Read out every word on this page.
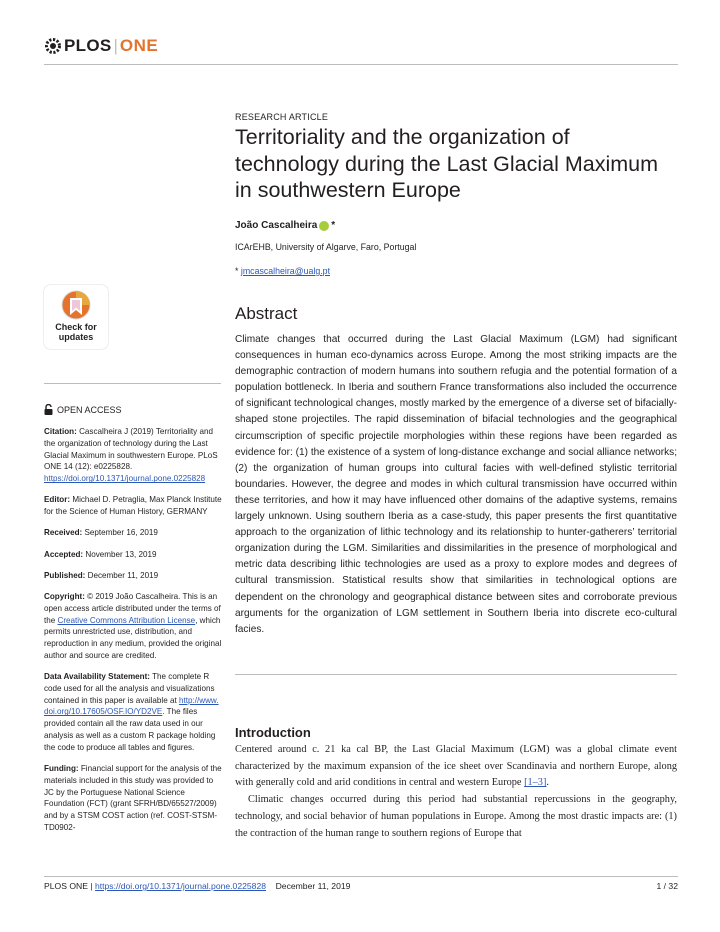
PLOS | ONE
Check for
updates
OPEN ACCESS

Citation: Cascalheira J (2019) Territoriality and the organization of technology during the Last Glacial Maximum in southwestern Europe. PLoS ONE 14 (12): e0225828. https://doi.org/10.1371/journal.pone.0225828

Editor: Michael D. Petraglia, Max Planck Institute for the Science of Human History, GERMANY

Received: September 16, 2019

Accepted: November 13, 2019

Published: December 11, 2019

Copyright: © 2019 João Cascalheira. This is an open access article distributed under the terms of the Creative Commons Attribution License, which permits unrestricted use, distribution, and reproduction in any medium, provided the original author and source are credited.

Data Availability Statement: The complete R code used for all the analysis and visualizations contained in this paper is available at http://www.doi.org/10.17605/OSF.IO/YD2VE. The files provided contain all the raw data used in our analysis as well as a custom R package holding the code to produce all tables and figures.

Funding: Financial support for the analysis of the materials included in this study was provided to JC by the Portuguese National Science Foundation (FCT) (grant SFRH/BD/65527/2009) and by a STSM COST action (ref. COST-STSM-TD0902-

RESEARCH ARTICLE
Territoriality and the organization of technology during the Last Glacial Maximum in southwestern Europe
João Cascalheira *
ICArEHB, University of Algarve, Faro, Portugal
* jmcascalheira@ualg.pt
Abstract
Climate changes that occurred during the Last Glacial Maximum (LGM) had significant consequences in human eco-dynamics across Europe. Among the most striking impacts are the demographic contraction of modern humans into southern refugia and the potential formation of a population bottleneck. In Iberia and southern France transformations also included the occurrence of significant technological changes, mostly marked by the emergence of a diverse set of bifacially-shaped stone projectiles. The rapid dissemination of bifacial technologies and the geographical circumscription of specific projectile morphologies within these regions have been regarded as evidence for: (1) the existence of a system of long-distance exchange and social alliance networks; (2) the organization of human groups into cultural facies with well-defined stylistic territorial boundaries. However, the degree and modes in which cultural transmission have occurred within these territories, and how it may have influenced other domains of the adaptive systems, remains largely unknown. Using southern Iberia as a case-study, this paper presents the first quantitative approach to the organization of lithic technology and its relationship to hunter-gatherers’ territorial organization during the LGM. Similarities and dissimilarities in the presence of morphological and metric data describing lithic technologies are used as a proxy to explore modes and degrees of cultural transmission. Statistical results show that similarities in technological options are dependent on the chronology and geographical distance between sites and corroborate previous arguments for the organization of LGM settlement in Southern Iberia into discrete eco-cultural facies.
Introduction

Centered around c. 21 ka cal BP, the Last Glacial Maximum (LGM) was a global climate event characterized by the maximum expansion of the ice sheet over Scandinavia and northern Europe, along with generally cold and arid conditions in central and western Europe [1–3].

Climatic changes occurred during this period had substantial repercussions in the geography, technology, and social behavior of human populations in Europe. Among the most drastic impacts are: (1) the contraction of the human range to southern regions of Europe that

PLOS ONE |
https://doi.org/10.1371/journal.pone.0225828
December 11, 2019	1 / 32
